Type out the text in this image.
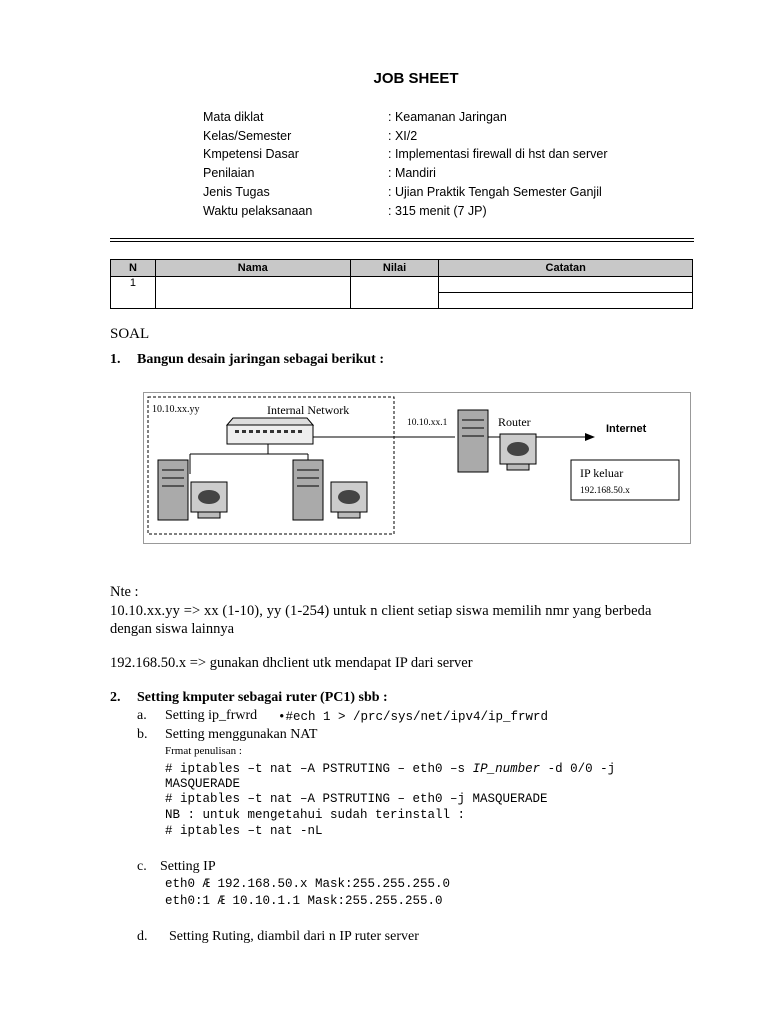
JOB SHEET
Mata diklat	: Keamanan Jaringan
Kelas/Semester	: XI/2
Kmpetensi Dasar	: Implementasi firewall di hst dan server
Penilaian	: Mandiri
Jenis Tugas	: Ujian Praktik Tengah Semester Ganjil
Waktu pelaksanaan	: 315 menit (7 JP)
N	Nama	Nilai	Catatan
1			

SOAL
1. Bangun desain jaringan sebagai berikut :
10.10.xx.yy	Internal Network
10.10.xx.1	Router	Internet
IP keluar
192.168.50.x
Nte :
10.10.xx.yy => xx (1-10), yy (1-254) untuk n client setiap siswa memilih nmr yang berbeda
dengan siswa lainnya
192.168.50.x => gunakan dhclient utk mendapat IP dari server
2. Setting kmputer sebagai ruter (PC1) sbb :
a. Setting ip_frwrd •#ech 1 > /prc/sys/net/ipv4/ip_frwrd
b. Setting menggunakan NAT
Frmat penulisan :
# iptables –t nat –A PSTRUTING – eth0 –s IP_number -d 0/0 -j
MASQUERADE
# iptables –t nat –A PSTRUTING – eth0 –j MASQUERADE
NB : untuk mengetahui sudah terinstall :
# iptables –t nat -nL
c. Setting IP
eth0 Æ 192.168.50.x Mask:255.255.255.0
eth0:1 Æ 10.10.1.1 Mask:255.255.255.0
d. Setting Ruting, diambil dari n IP ruter server
